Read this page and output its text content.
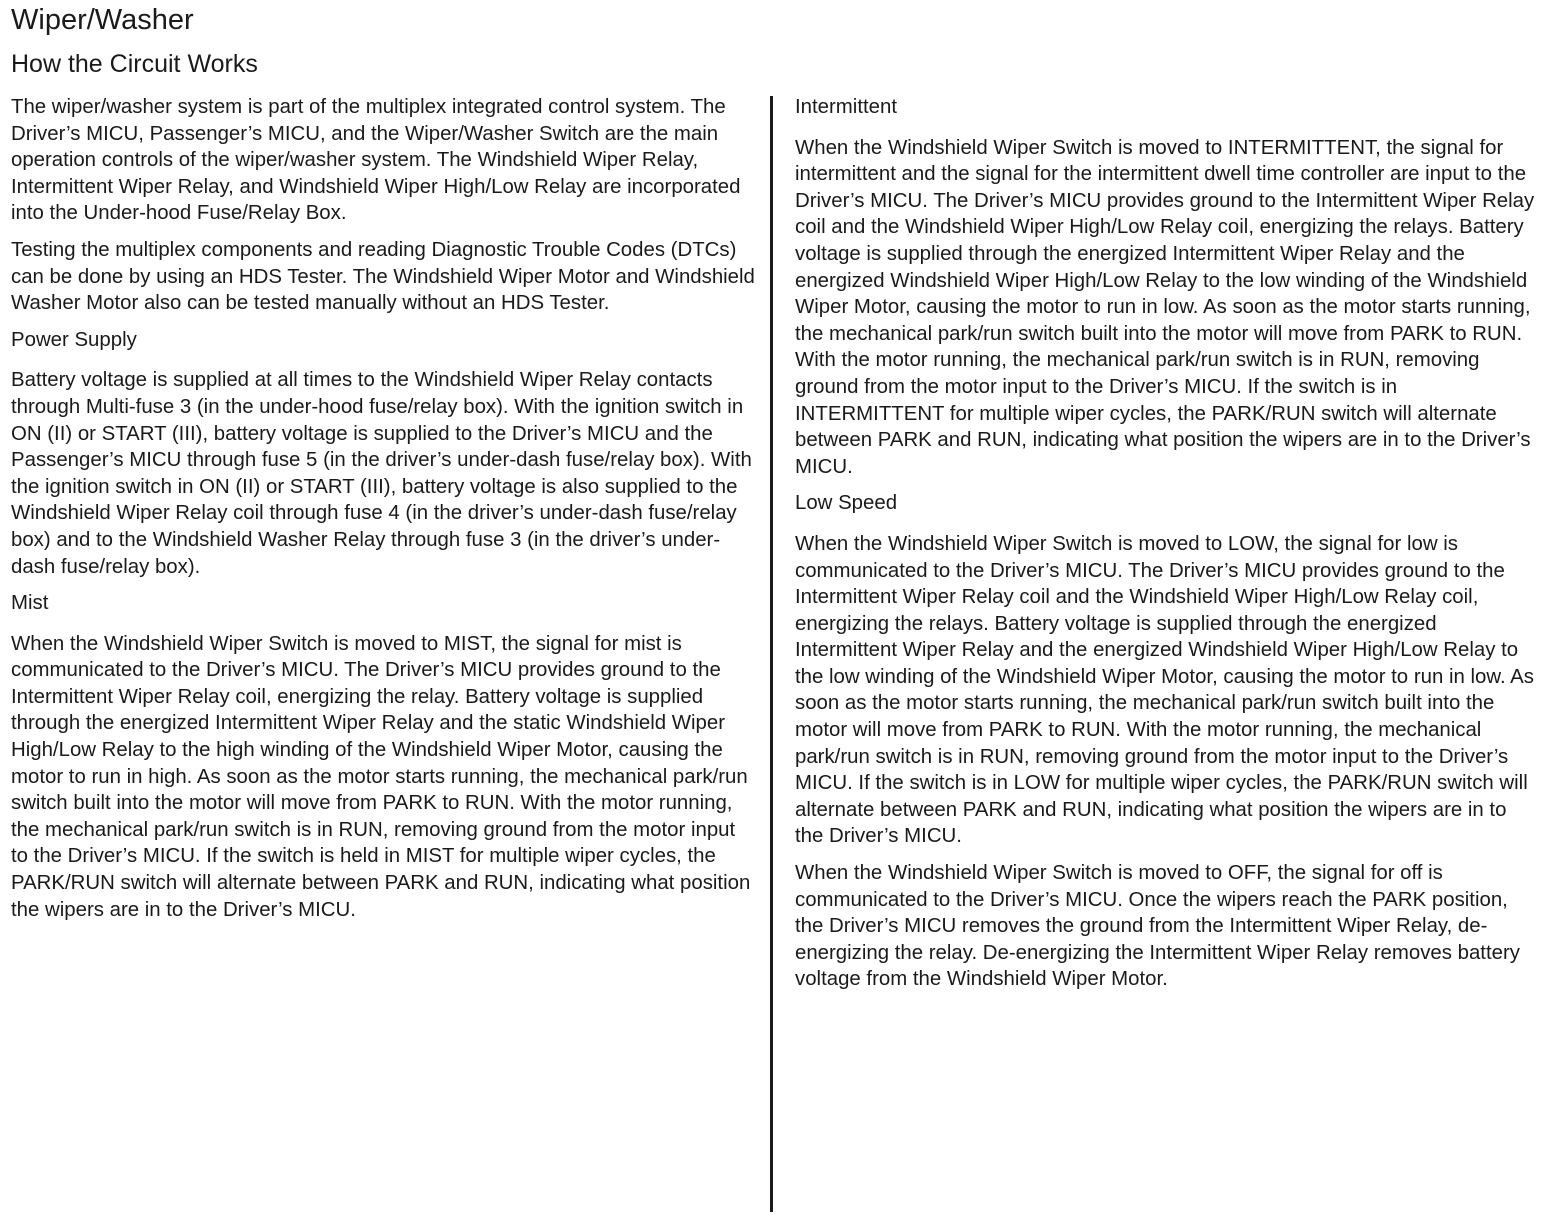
Wiper/Washer
How the Circuit Works

The wiper/washer system is part of the multiplex integrated control system. The Driver’s MICU, Passenger’s MICU, and the Wiper/Washer Switch are the main operation controls of the wiper/washer system. The Windshield Wiper Relay, Intermittent Wiper Relay, and Windshield Wiper High/Low Relay are incorporated into the Under-hood Fuse/Relay Box.

Testing the multiplex components and reading Diagnostic Trouble Codes (DTCs) can be done by using an HDS Tester. The Windshield Wiper Motor and Windshield Washer Motor also can be tested manually without an HDS Tester.

Power Supply

Battery voltage is supplied at all times to the Windshield Wiper Relay contacts through Multi-fuse 3 (in the under-hood fuse/relay box). With the ignition switch in ON (II) or START (III), battery voltage is supplied to the Driver’s MICU and the Passenger’s MICU through fuse 5 (in the driver’s under-dash fuse/relay box). With the ignition switch in ON (II) or START (III), battery voltage is also supplied to the Windshield Wiper Relay coil through fuse 4 (in the driver’s under-dash fuse/relay box) and to the Windshield Washer Relay through fuse 3 (in the driver’s under-dash fuse/relay box).

Mist

When the Windshield Wiper Switch is moved to MIST, the signal for mist is communicated to the Driver’s MICU. The Driver’s MICU provides ground to the Intermittent Wiper Relay coil, energizing the relay. Battery voltage is supplied through the energized Intermittent Wiper Relay and the static Windshield Wiper High/Low Relay to the high winding of the Windshield Wiper Motor, causing the motor to run in high. As soon as the motor starts running, the mechanical park/run switch built into the motor will move from PARK to RUN. With the motor running, the mechanical park/run switch is in RUN, removing ground from the motor input to the Driver’s MICU. If the switch is held in MIST for multiple wiper cycles, the PARK/RUN switch will alternate between PARK and RUN, indicating what position the wipers are in to the Driver’s MICU.

Intermittent

When the Windshield Wiper Switch is moved to INTERMITTENT, the signal for intermittent and the signal for the intermittent dwell time controller are input to the Driver’s MICU. The Driver’s MICU provides ground to the Intermittent Wiper Relay coil and the Windshield Wiper High/Low Relay coil, energizing the relays. Battery voltage is supplied through the energized Intermittent Wiper Relay and the energized Windshield Wiper High/Low Relay to the low winding of the Windshield Wiper Motor, causing the motor to run in low. As soon as the motor starts running, the mechanical park/run switch built into the motor will move from PARK to RUN. With the motor running, the mechanical park/run switch is in RUN, removing ground from the motor input to the Driver’s MICU. If the switch is in INTERMITTENT for multiple wiper cycles, the PARK/RUN switch will alternate between PARK and RUN, indicating what position the wipers are in to the Driver’s MICU.

Low Speed

When the Windshield Wiper Switch is moved to LOW, the signal for low is communicated to the Driver’s MICU. The Driver’s MICU provides ground to the Intermittent Wiper Relay coil and the Windshield Wiper High/Low Relay coil, energizing the relays. Battery voltage is supplied through the energized Intermittent Wiper Relay and the energized Windshield Wiper High/Low Relay to the low winding of the Windshield Wiper Motor, causing the motor to run in low. As soon as the motor starts running, the mechanical park/run switch built into the motor will move from PARK to RUN. With the motor running, the mechanical park/run switch is in RUN, removing ground from the motor input to the Driver’s MICU. If the switch is in LOW for multiple wiper cycles, the PARK/RUN switch will alternate between PARK and RUN, indicating what position the wipers are in to the Driver’s MICU.

When the Windshield Wiper Switch is moved to OFF, the signal for off is communicated to the Driver’s MICU. Once the wipers reach the PARK position, the Driver’s MICU removes the ground from the Intermittent Wiper Relay, de-energizing the relay. De-energizing the Intermittent Wiper Relay removes battery voltage from the Windshield Wiper Motor.
